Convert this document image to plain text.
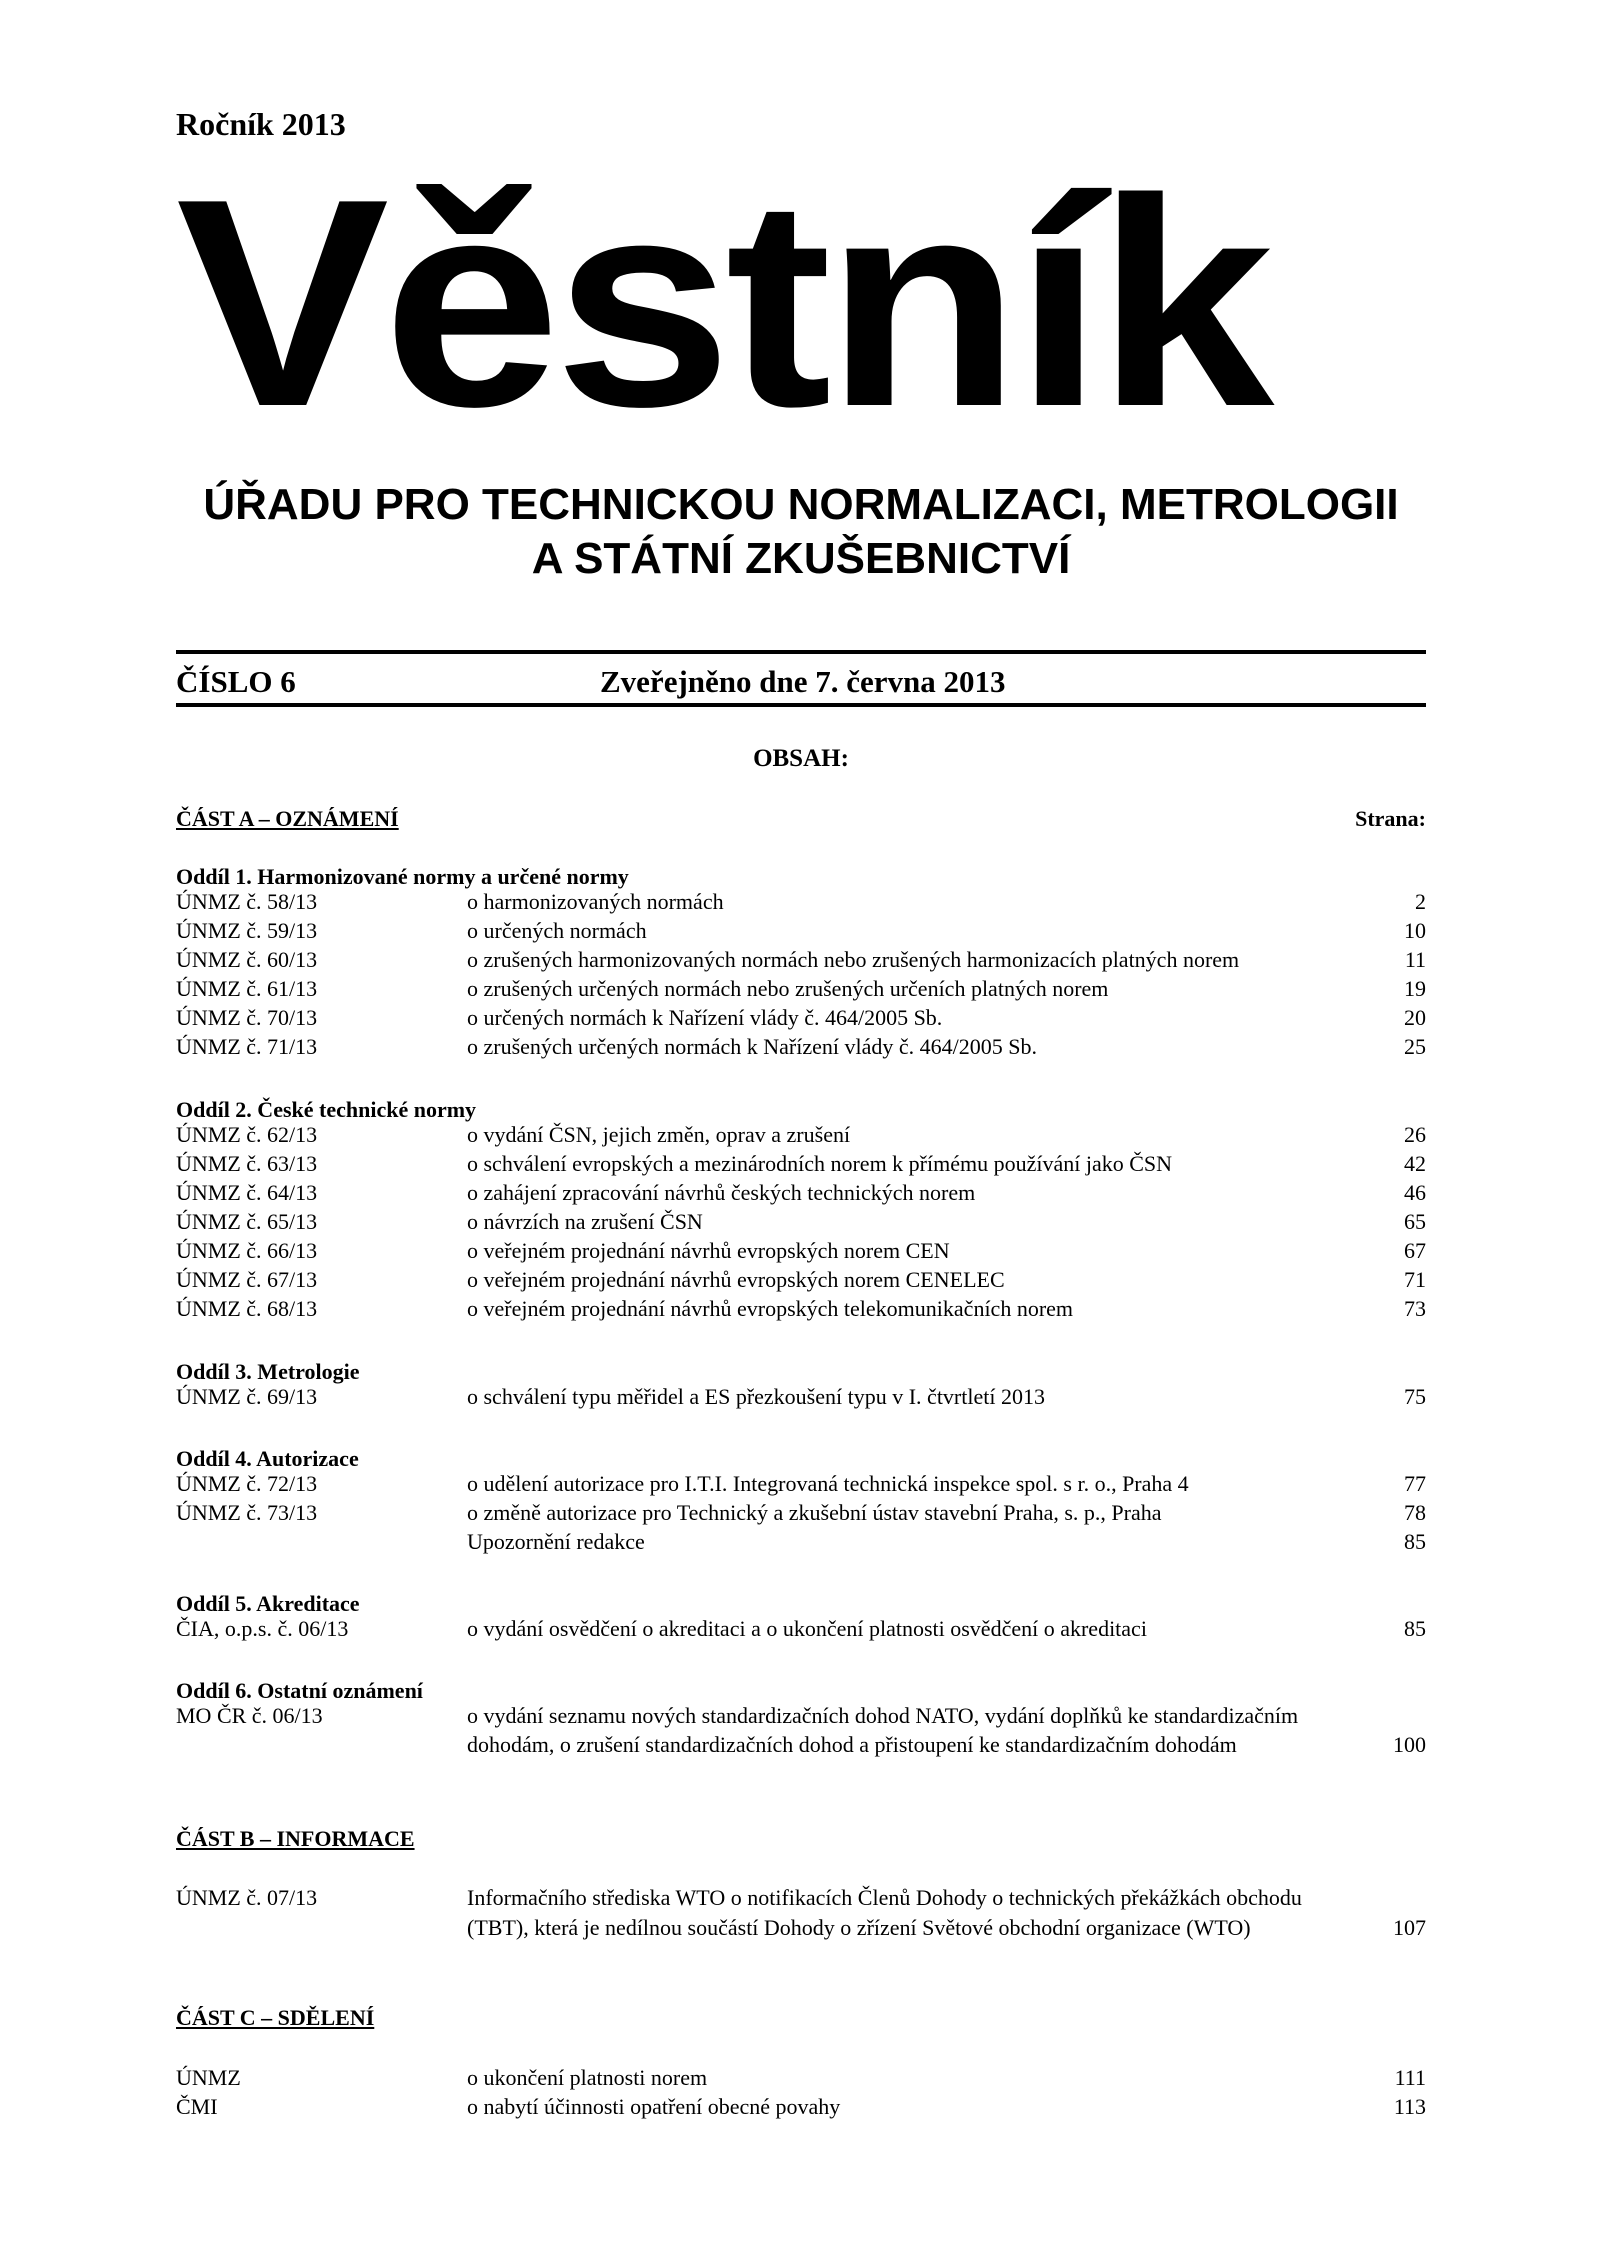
Ročník 2013
Věstník
ÚŘADU PRO TECHNICKOU NORMALIZACI, METROLOGII
A STÁTNÍ ZKUŠEBNICTVÍ
ČÍSLO 6	Zveřejněno dne 7. června 2013
OBSAH:
ČÁST A – OZNÁMENÍ	Strana:
Oddíl 1. Harmonizované normy a určené normy
ÚNMZ č. 58/13	o harmonizovaných normách	2
ÚNMZ č. 59/13	o určených normách	10
ÚNMZ č. 60/13	o zrušených harmonizovaných normách nebo zrušených harmonizacích platných norem	11
ÚNMZ č. 61/13	o zrušených určených normách nebo zrušených určeních platných norem	19
ÚNMZ č. 70/13	o určených normách k Nařízení vlády č. 464/2005 Sb.	20
ÚNMZ č. 71/13	o zrušených určených normách k Nařízení vlády č. 464/2005 Sb.	25
Oddíl 2. České technické normy
ÚNMZ č. 62/13	o vydání ČSN, jejich změn, oprav a zrušení	26
ÚNMZ č. 63/13	o schválení evropských a mezinárodních norem k přímému používání jako ČSN	42
ÚNMZ č. 64/13	o zahájení zpracování návrhů českých technických norem	46
ÚNMZ č. 65/13	o návrzích na zrušení ČSN	65
ÚNMZ č. 66/13	o veřejném projednání návrhů evropských norem CEN	67
ÚNMZ č. 67/13	o veřejném projednání návrhů evropských norem CENELEC	71
ÚNMZ č. 68/13	o veřejném projednání návrhů evropských telekomunikačních norem	73
Oddíl 3. Metrologie
ÚNMZ č. 69/13	o schválení typu měřidel a ES přezkoušení typu v I. čtvrtletí 2013	75
Oddíl 4. Autorizace
ÚNMZ č. 72/13	o udělení autorizace pro I.T.I. Integrovaná technická inspekce spol. s r. o., Praha 4	77
ÚNMZ č. 73/13	o změně autorizace pro Technický a zkušební ústav stavební Praha, s. p., Praha	78
Upozornění redakce	85
Oddíl 5. Akreditace
ČIA, o.p.s. č. 06/13	o vydání osvědčení o akreditaci a o ukončení platnosti osvědčení o akreditaci	85
Oddíl 6. Ostatní oznámení
MO ČR č. 06/13	o vydání seznamu nových standardizačních dohod NATO, vydání doplňků ke standardizačním
dohodám, o zrušení standardizačních dohod a přistoupení ke standardizačním dohodám	100
ČÁST B – INFORMACE
ÚNMZ č. 07/13	Informačního střediska WTO o notifikacích Členů Dohody o technických překážkách obchodu
(TBT), která je nedílnou součástí Dohody o zřízení Světové obchodní organizace (WTO)	107
ČÁST C – SDĚLENÍ
ÚNMZ	o ukončení platnosti norem	111
ČMI	o nabytí účinnosti opatření obecné povahy	113
